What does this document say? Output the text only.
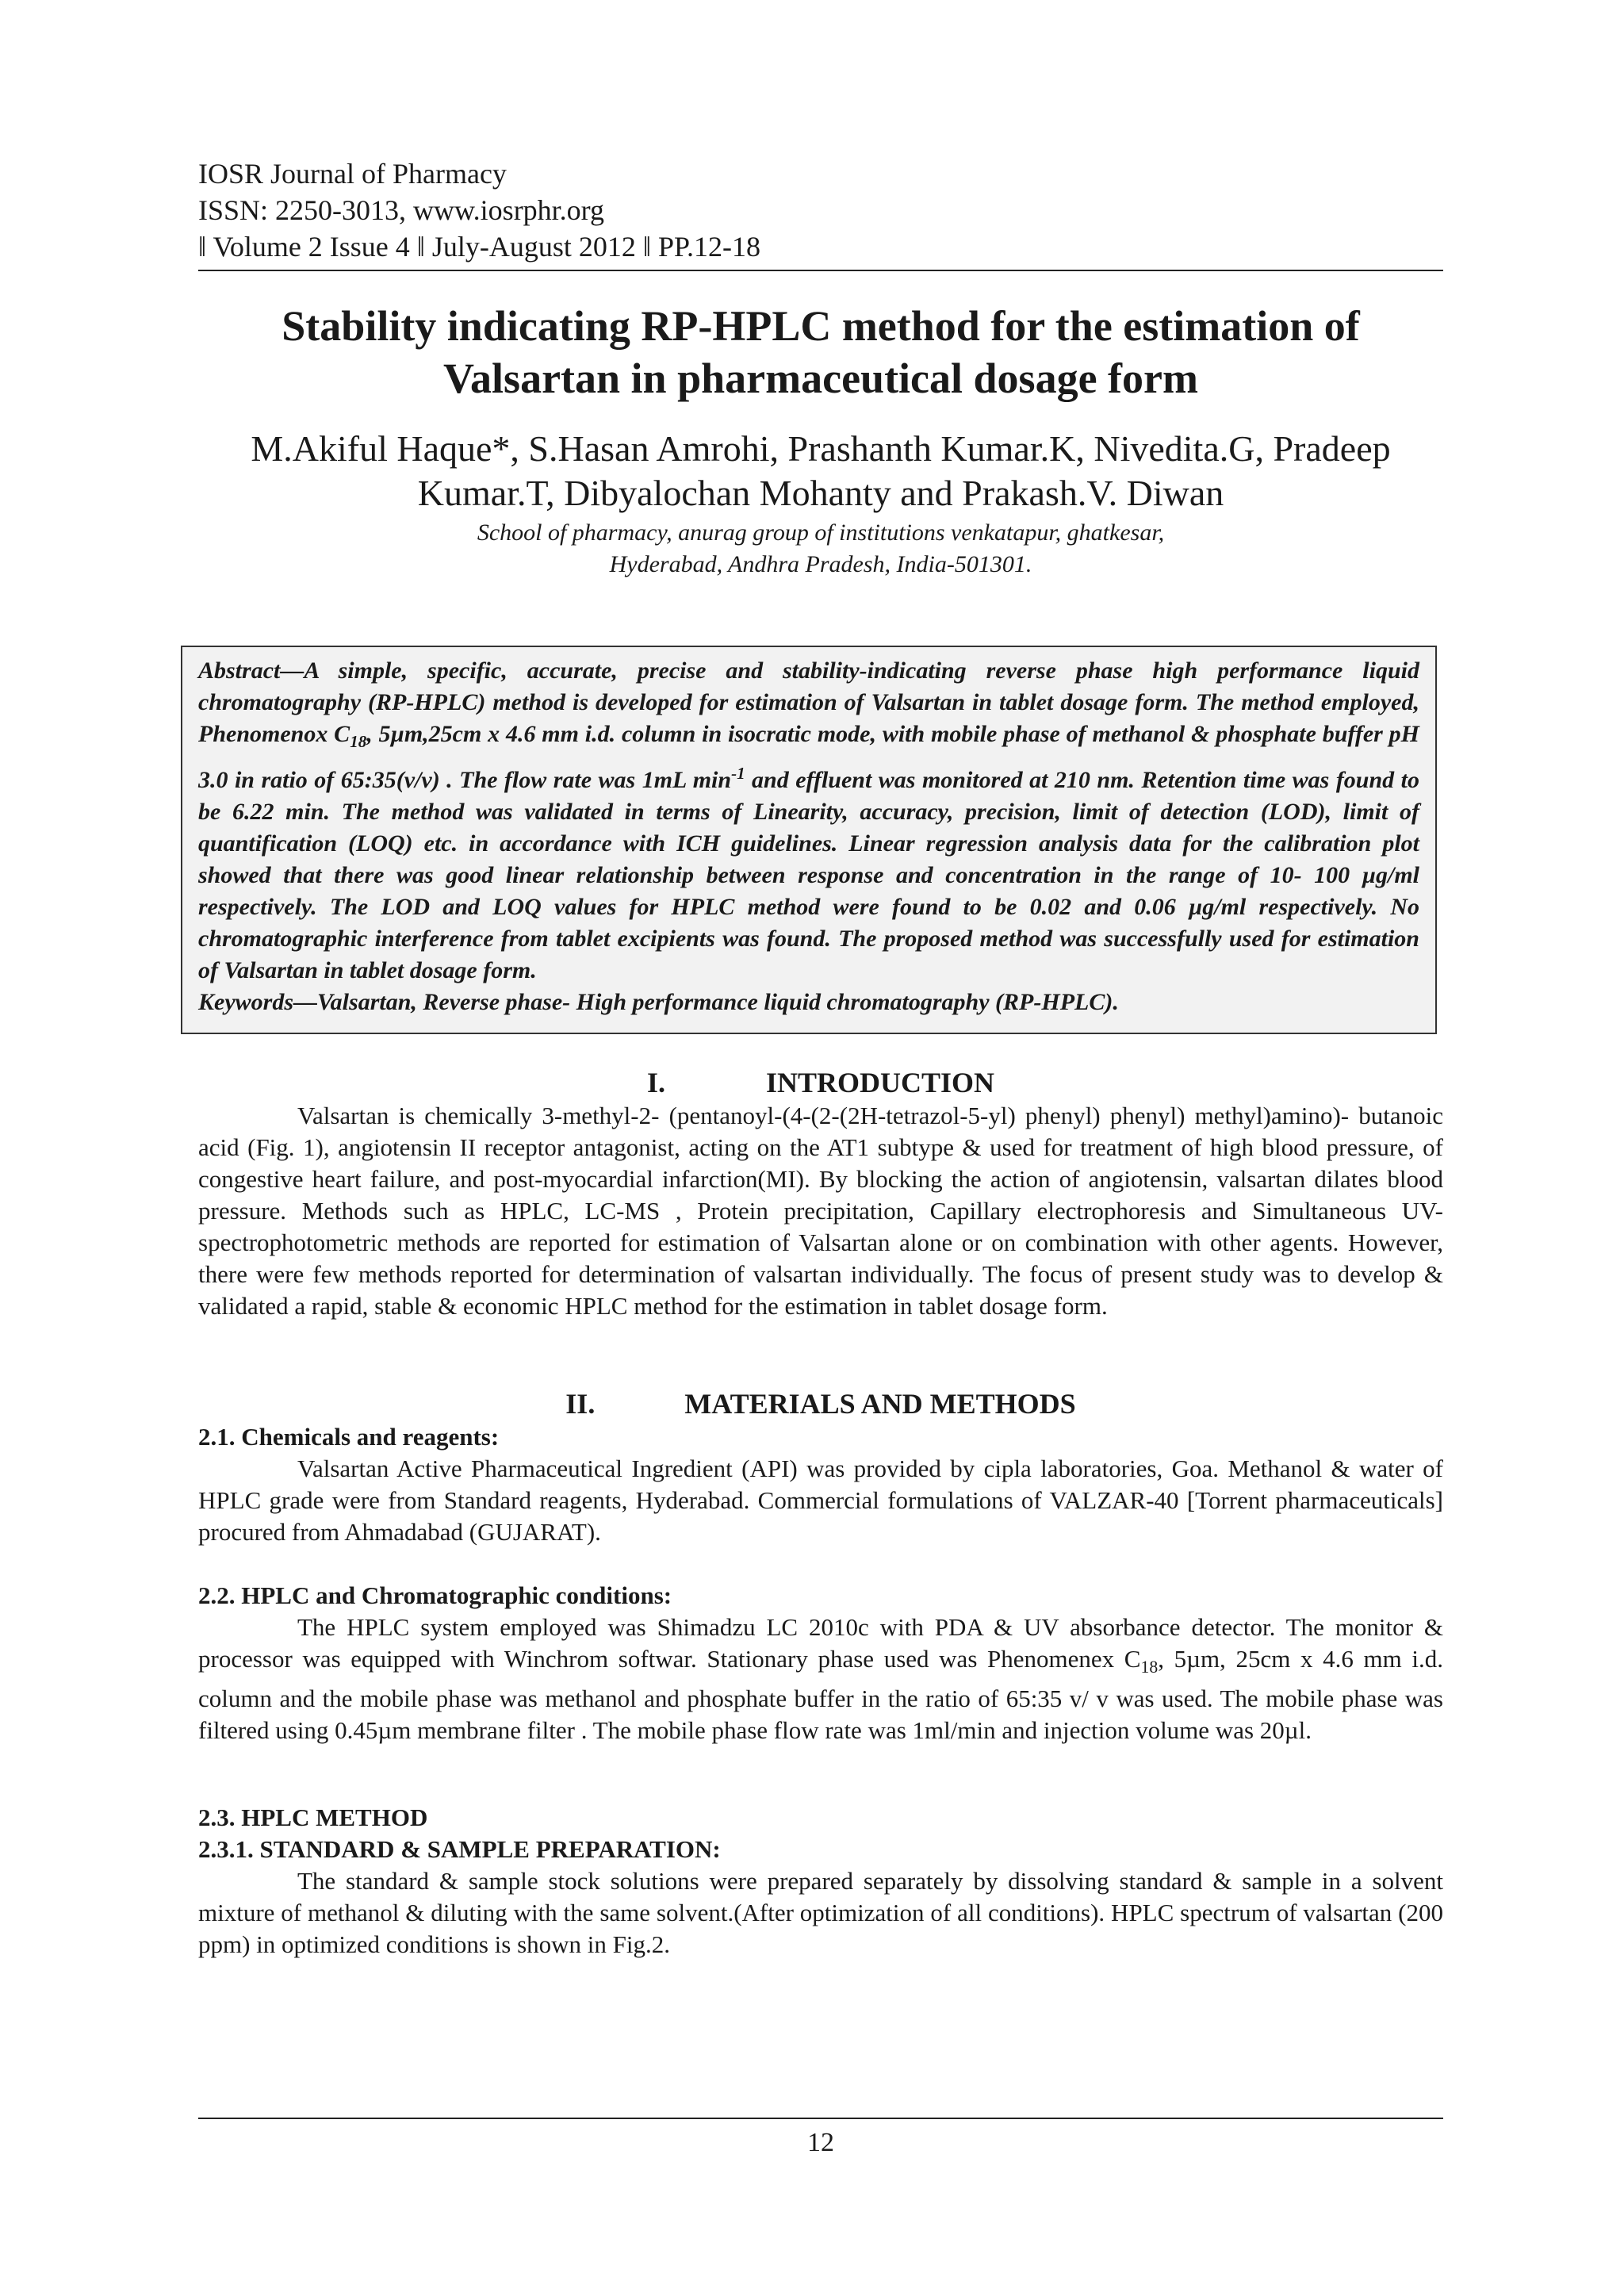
IOSR Journal of Pharmacy
ISSN: 2250-3013, www.iosrphr.org
ǁ Volume 2 Issue 4 ǁ July-August 2012 ǁ PP.12-18
Stability indicating RP-HPLC method for the estimation of
Valsartan in pharmaceutical dosage form
M.Akiful Haque*, S.Hasan Amrohi, Prashanth Kumar.K, Nivedita.G, Pradeep
Kumar.T, Dibyalochan Mohanty and Prakash.V. Diwan
School of pharmacy, anurag group of institutions venkatapur, ghatkesar,
Hyderabad, Andhra Pradesh, India-501301.
Abstract—A simple, specific, accurate, precise and stability-indicating reverse phase high performance liquid chromatography (RP-HPLC) method is developed for estimation of Valsartan in tablet dosage form. The method employed, Phenomenox $C_{18}$, 5µm,25cm x 4.6 mm i.d. column in isocratic mode, with mobile phase of methanol & phosphate buffer pH 3.0 in ratio of 65:35(v/v) . The flow rate was 1mL $\min^{-1}$ and effluent was monitored at 210 nm. Retention time was found to be 6.22 min. The method was validated in terms of Linearity, accuracy, precision, limit of detection (LOD), limit of quantification (LOQ) etc. in accordance with ICH guidelines. Linear regression analysis data for the calibration plot showed that there was good linear relationship between response and concentration in the range of 10- 100 µg/ml respectively. The LOD and LOQ values for HPLC method were found to be 0.02 and 0.06 µg/ml respectively. No chromatographic interference from tablet excipients was found. The proposed method was successfully used for estimation of Valsartan in tablet dosage form.
Keywords—Valsartan, Reverse phase- High performance liquid chromatography (RP-HPLC).
I.	INTRODUCTION
Valsartan is chemically 3-methyl-2- (pentanoyl-(4-(2-(2H-tetrazol-5-yl) phenyl) phenyl) methyl)amino)- butanoic acid (Fig. 1), angiotensin II receptor antagonist, acting on the AT1 subtype & used for treatment of high blood pressure, of congestive heart failure, and post-myocardial infarction(MI). By blocking the action of angiotensin, valsartan dilates blood pressure. Methods such as HPLC, LC-MS , Protein precipitation, Capillary electrophoresis and Simultaneous UV-spectrophotometric methods are reported for estimation of Valsartan alone or on combination with other agents. However, there were few methods reported for determination of valsartan individually. The focus of present study was to develop & validated a rapid, stable & economic HPLC method for the estimation in tablet dosage form.
II.	MATERIALS AND METHODS
2.1. Chemicals and reagents:
Valsartan Active Pharmaceutical Ingredient (API) was provided by cipla laboratories, Goa. Methanol & water of HPLC grade were from Standard reagents, Hyderabad. Commercial formulations of VALZAR-40 [Torrent pharmaceuticals] procured from Ahmadabad (GUJARAT).
2.2. HPLC and Chromatographic conditions:
The HPLC system employed was Shimadzu LC 2010c with PDA & UV absorbance detector. The monitor & processor was equipped with Winchrom softwar. Stationary phase used was Phenomenex $C_{18}$, 5µm, 25cm x 4.6 mm i.d. column and the mobile phase was methanol and phosphate buffer in the ratio of 65:35 v/ v was used. The mobile phase was filtered using 0.45µm membrane filter . The mobile phase flow rate was 1ml/min and injection volume was 20µl.
2.3. HPLC METHOD
2.3.1. STANDARD & SAMPLE PREPARATION:
The standard & sample stock solutions were prepared separately by dissolving standard & sample in a solvent mixture of methanol & diluting with the same solvent.(After optimization of all conditions). HPLC spectrum of valsartan (200 ppm) in optimized conditions is shown in Fig.2.
12
